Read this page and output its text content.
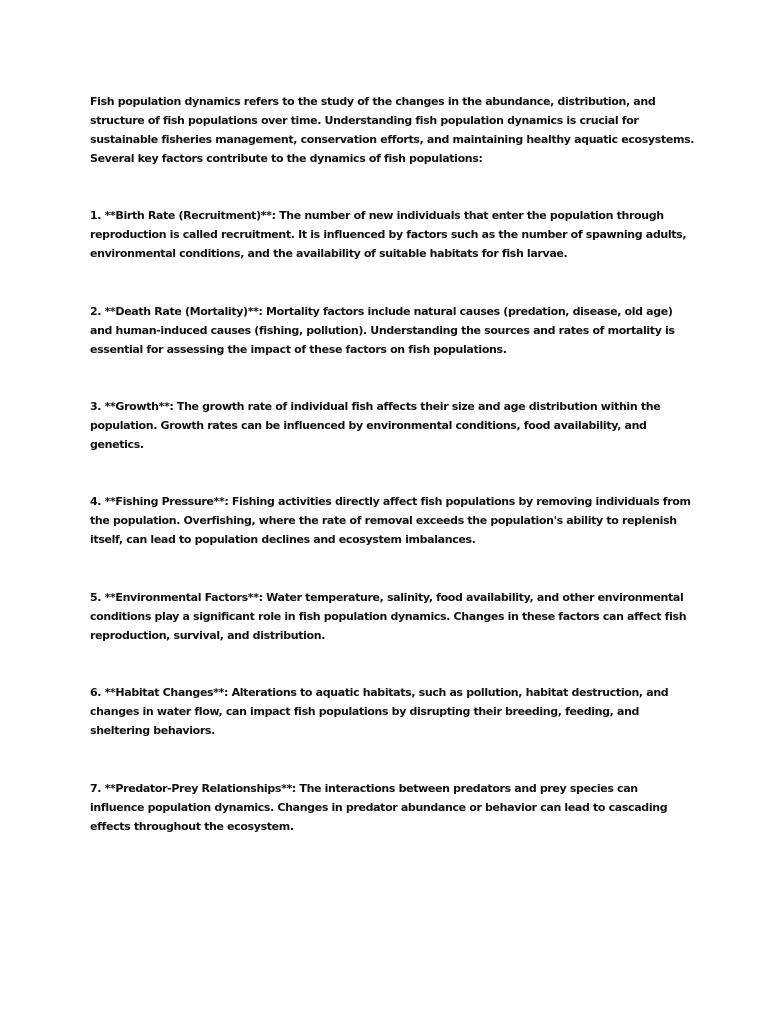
Fish population dynamics refers to the study of the changes in the abundance, distribution, and
structure of fish populations over time. Understanding fish population dynamics is crucial for
sustainable fisheries management, conservation efforts, and maintaining healthy aquatic ecosystems.
Several key factors contribute to the dynamics of fish populations:

1. **Birth Rate (Recruitment)**: The number of new individuals that enter the population through
reproduction is called recruitment. It is influenced by factors such as the number of spawning adults,
environmental conditions, and the availability of suitable habitats for fish larvae.

2. **Death Rate (Mortality)**: Mortality factors include natural causes (predation, disease, old age)
and human-induced causes (fishing, pollution). Understanding the sources and rates of mortality is
essential for assessing the impact of these factors on fish populations.

3. **Growth**: The growth rate of individual fish affects their size and age distribution within the
population. Growth rates can be influenced by environmental conditions, food availability, and
genetics.

4. **Fishing Pressure**: Fishing activities directly affect fish populations by removing individuals from
the population. Overfishing, where the rate of removal exceeds the population's ability to replenish
itself, can lead to population declines and ecosystem imbalances.

5. **Environmental Factors**: Water temperature, salinity, food availability, and other environmental
conditions play a significant role in fish population dynamics. Changes in these factors can affect fish
reproduction, survival, and distribution.

6. **Habitat Changes**: Alterations to aquatic habitats, such as pollution, habitat destruction, and
changes in water flow, can impact fish populations by disrupting their breeding, feeding, and
sheltering behaviors.

7. **Predator-Prey Relationships**: The interactions between predators and prey species can
influence population dynamics. Changes in predator abundance or behavior can lead to cascading
effects throughout the ecosystem.
